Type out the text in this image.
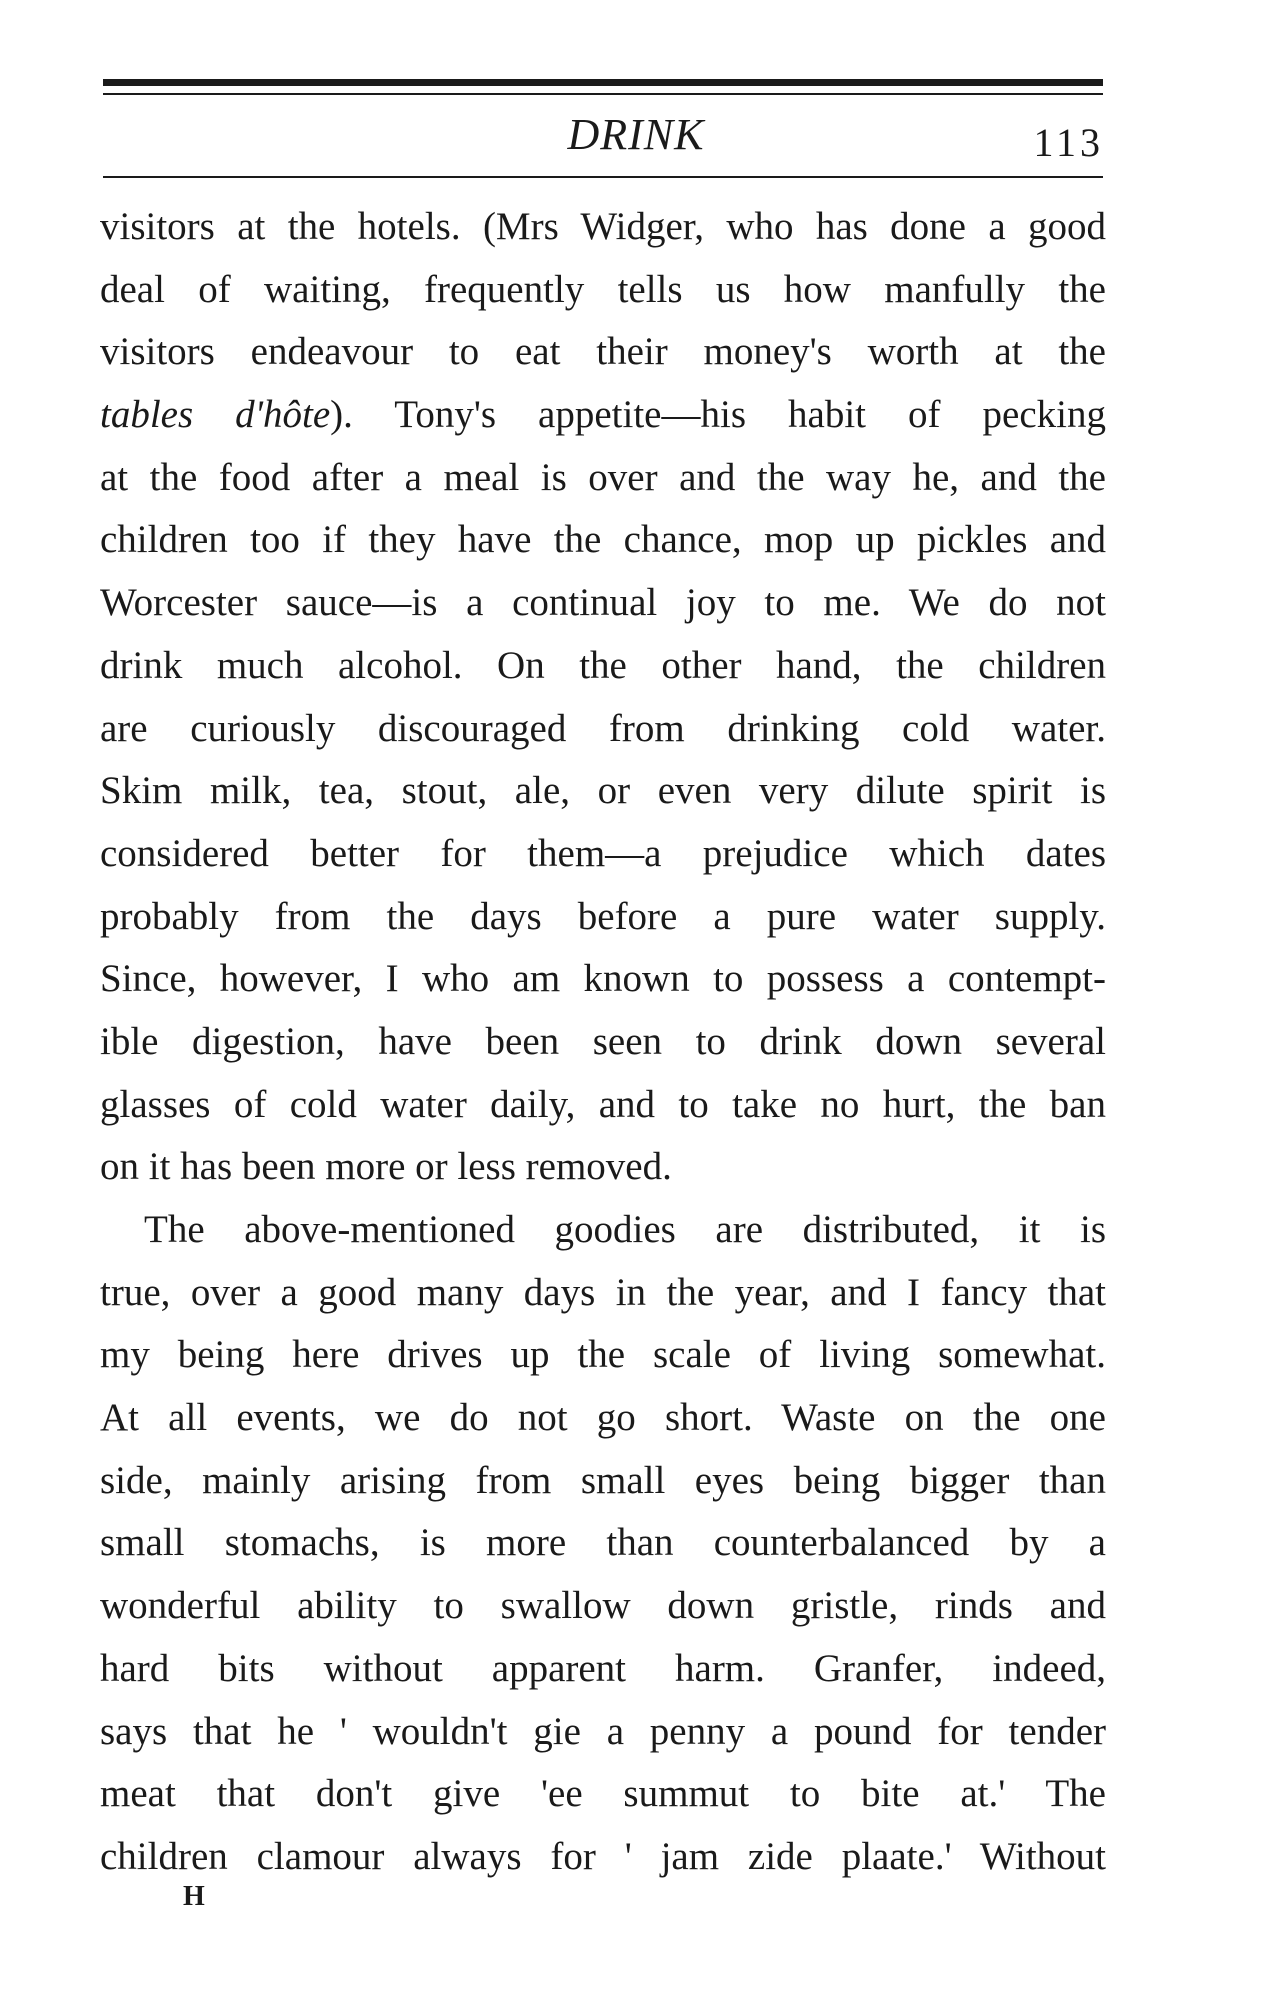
DRINK	113
visitors at the hotels. (Mrs Widger, who has done a good
deal of waiting, frequently tells us how manfully the
visitors endeavour to eat their money's worth at the
tables d'hôte). Tony's appetite—his habit of pecking
at the food after a meal is over and the way he, and the
children too if they have the chance, mop up pickles and
Worcester sauce—is a continual joy to me. We do not
drink much alcohol. On the other hand, the children
are curiously discouraged from drinking cold water.
Skim milk, tea, stout, ale, or even very dilute spirit is
considered better for them—a prejudice which dates
probably from the days before a pure water supply.
Since, however, I who am known to possess a contempt-
ible digestion, have been seen to drink down several
glasses of cold water daily, and to take no hurt, the ban
on it has been more or less removed.
The above-mentioned goodies are distributed, it is
true, over a good many days in the year, and I fancy that
my being here drives up the scale of living somewhat.
At all events, we do not go short. Waste on the one
side, mainly arising from small eyes being bigger than
small stomachs, is more than counterbalanced by a
wonderful ability to swallow down gristle, rinds and
hard bits without apparent harm. Granfer, indeed,
says that he ' wouldn't gie a penny a pound for tender
meat that don't give 'ee summut to bite at.' The
children clamour always for ' jam zide plaate.' Without
H
